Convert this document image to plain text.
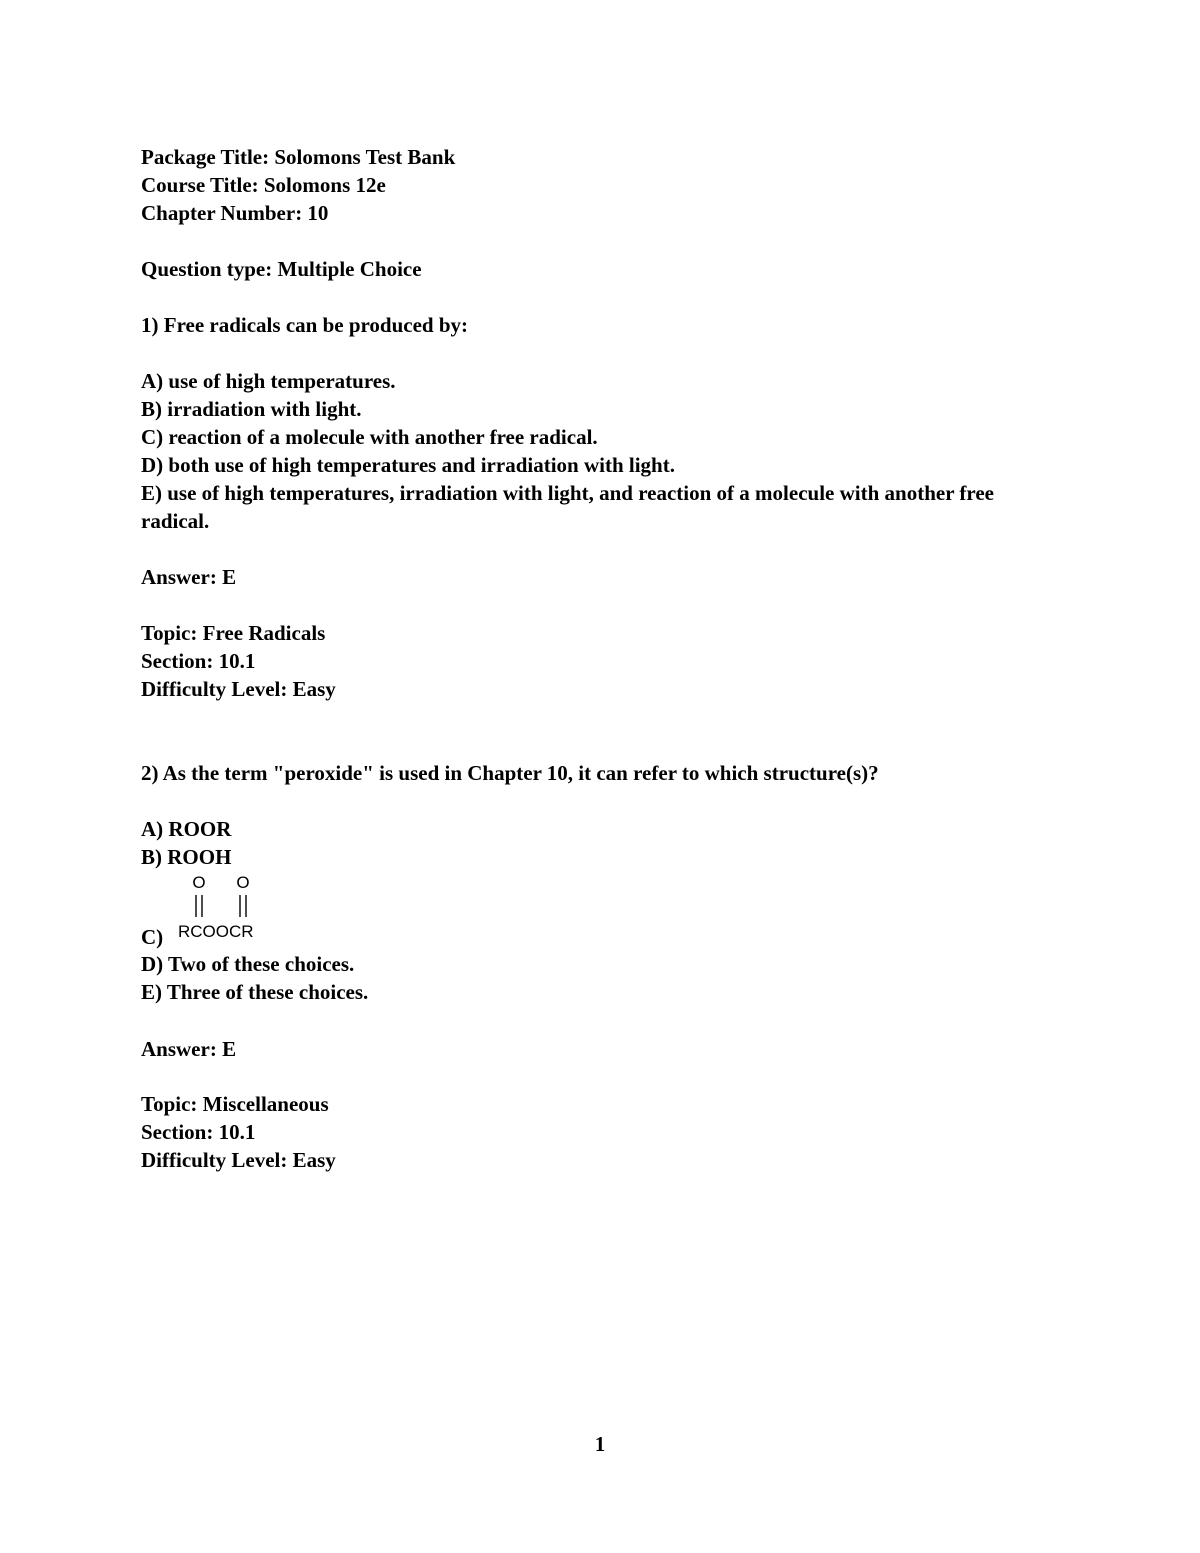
Package Title: Solomons Test Bank
Course Title: Solomons 12e
Chapter Number: 10
Question type: Multiple Choice
1) Free radicals can be produced by:
A) use of high temperatures.
B) irradiation with light.
C) reaction of a molecule with another free radical.
D) both use of high temperatures and irradiation with light.
E) use of high temperatures, irradiation with light, and reaction of a molecule with another free radical.
Answer: E
Topic: Free Radicals
Section: 10.1
Difficulty Level: Easy
2) As the term "peroxide" is used in Chapter 10, it can refer to which structure(s)?
A) ROOR
B) ROOH
C)
O O
RCOOCR
D) Two of these choices.
E) Three of these choices.
Answer: E
Topic: Miscellaneous
Section: 10.1
Difficulty Level: Easy
1
